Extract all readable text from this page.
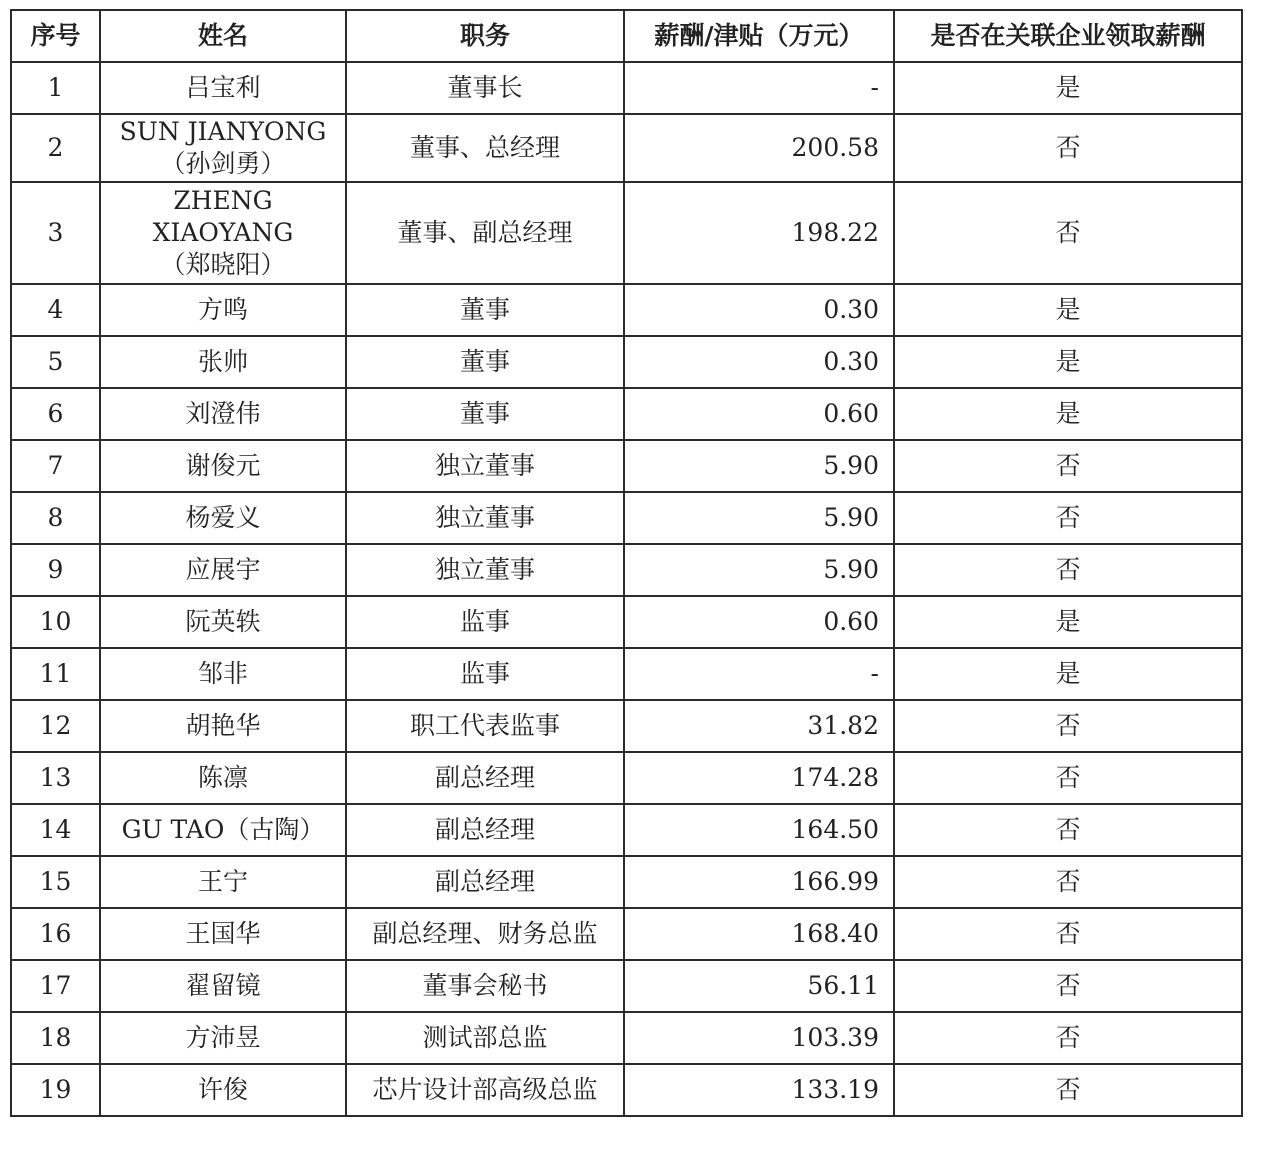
序号	姓名	职务	薪酬/津贴（万元）	是否在关联企业领取薪酬
1	吕宝利	董事长	-	是
2	SUN JIANYONG
（孙剑勇）	董事、总经理	200.58	否
3	ZHENG
XIAOYANG
（郑晓阳）	董事、副总经理	198.22	否
4	方鸣	董事	0.30	是
5	张帅	董事	0.30	是
6	刘澄伟	董事	0.60	是
7	谢俊元	独立董事	5.90	否
8	杨爱义	独立董事	5.90	否
9	应展宇	独立董事	5.90	否
10	阮英轶	监事	0.60	是
11	邹非	监事	-	是
12	胡艳华	职工代表监事	31.82	否
13	陈凛	副总经理	174.28	否
14	GU TAO（古陶）	副总经理	164.50	否
15	王宁	副总经理	166.99	否
16	王国华	副总经理、财务总监	168.40	否
17	翟留镜	董事会秘书	56.11	否
18	方沛昱	测试部总监	103.39	否
19	许俊	芯片设计部高级总监	133.19	否
